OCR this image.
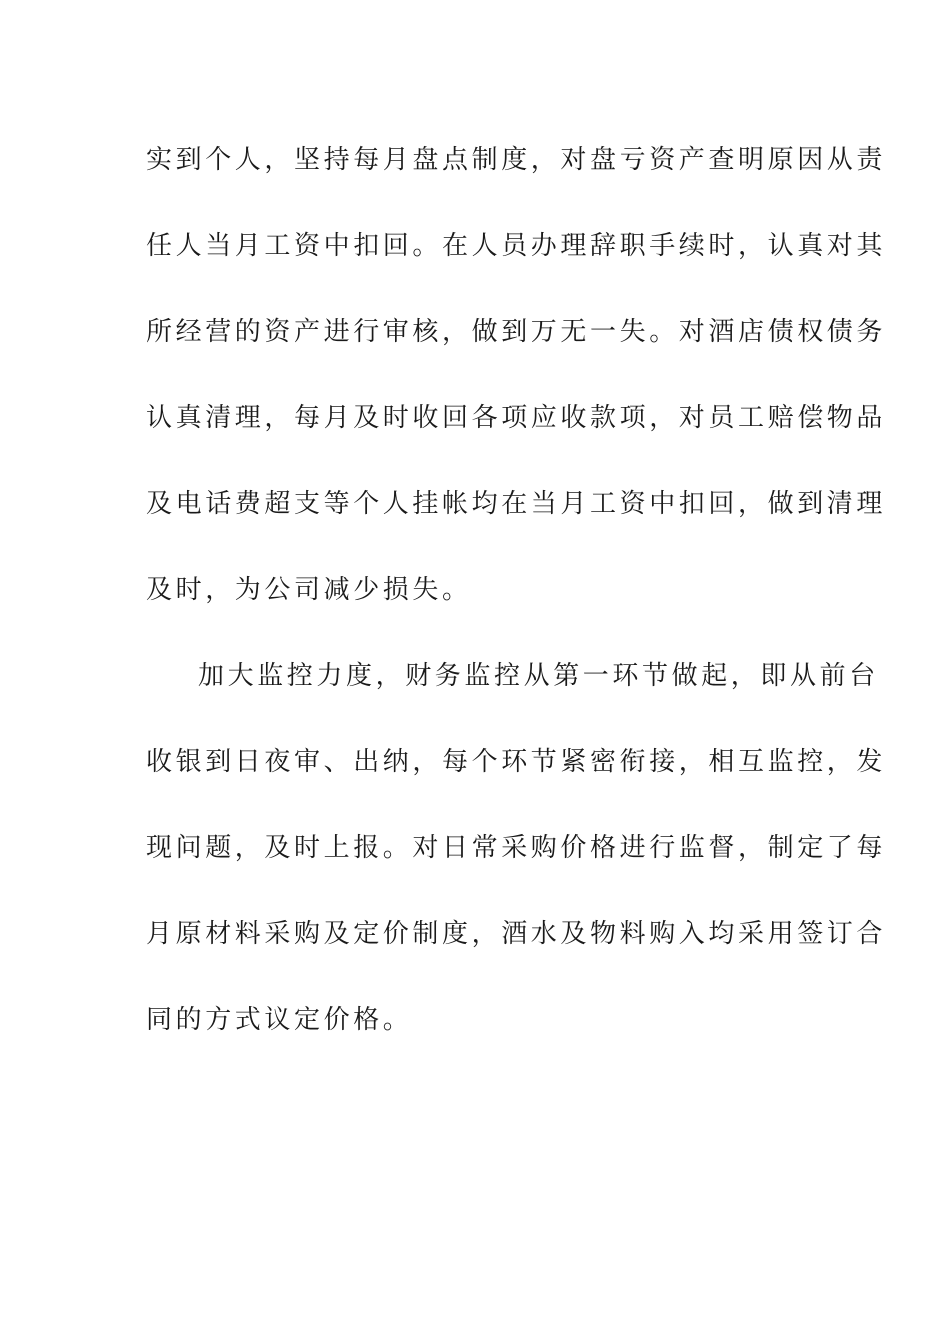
实到个人，坚持每月盘点制度，对盘亏资产查明原因从责
任人当月工资中扣回。在人员办理辞职手续时，认真对其
所经营的资产进行审核，做到万无一失。对酒店债权债务
认真清理，每月及时收回各项应收款项，对员工赔偿物品
及电话费超支等个人挂帐均在当月工资中扣回，做到清理
及时，为公司减少损失。
加大监控力度，财务监控从第一环节做起，即从前台
收银到日夜审、出纳，每个环节紧密衔接，相互监控，发
现问题，及时上报。对日常采购价格进行监督，制定了每
月原材料采购及定价制度，酒水及物料购入均采用签订合
同的方式议定价格。
